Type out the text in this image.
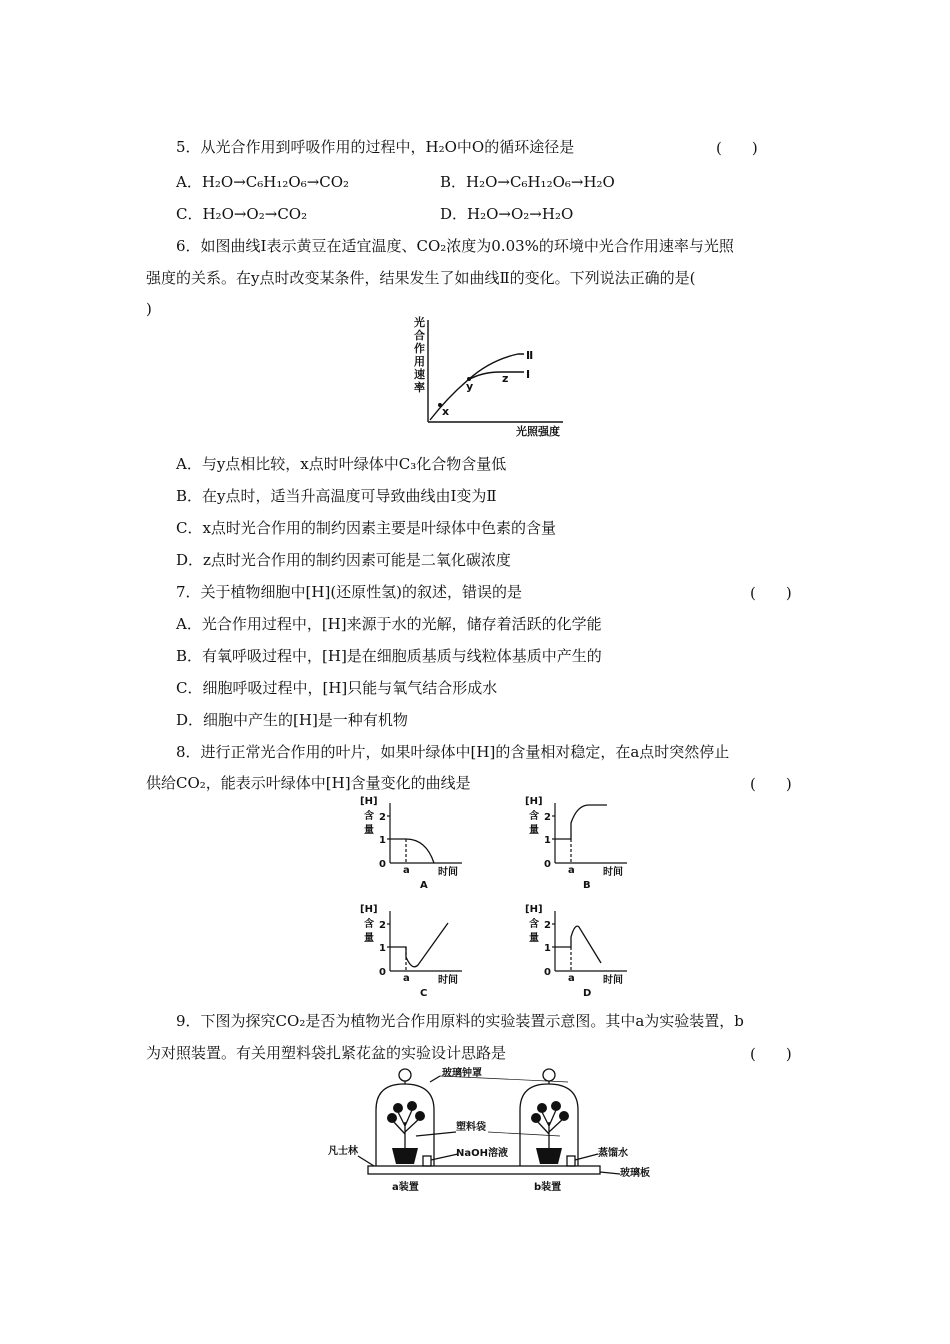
5．从光合作用到呼吸作用的过程中，H₂O中O的循环途径是	(　　)
A．H₂O→C₆H₁₂O₆→CO₂	B．H₂O→C₆H₁₂O₆→H₂O
C．H₂O→O₂→CO₂	D．H₂O→O₂→H₂O
6．如图曲线Ⅰ表示黄豆在适宜温度、CO₂浓度为0.03%的环境中光合作用速率与光照
强度的关系。在y点时改变某条件，结果发生了如曲线Ⅱ的变化。下列说法正确的是(
)
光
合
作
用
速
率
光照强度
Ⅱ
Ⅰ
x
y
z
A．与y点相比较，x点时叶绿体中C₃化合物含量低
B．在y点时，适当升高温度可导致曲线由Ⅰ变为Ⅱ
C．x点时光合作用的制约因素主要是叶绿体中色素的含量
D．z点时光合作用的制约因素可能是二氧化碳浓度
7．关于植物细胞中[H](还原性氢)的叙述，错误的是	(　　)
A．光合作用过程中，[H]来源于水的光解，储存着活跃的化学能
B．有氧呼吸过程中，[H]是在细胞质基质与线粒体基质中产生的
C．细胞呼吸过程中，[H]只能与氧气结合形成水
D．细胞中产生的[H]是一种有机物
8．进行正常光合作用的叶片，如果叶绿体中[H]的含量相对稳定，在a点时突然停止
供给CO₂，能表示叶绿体中[H]含量变化的曲线是	(　　)
[H]
含
量
2
1
0
a	时间
A
[H]
含
量
2
1
0
a	时间
B
[H]
含
量
2
1
0
a	时间
C
[H]
含
量
2
1
0
a	时间
D
9．下图为探究CO₂是否为植物光合作用原料的实验装置示意图。其中a为实验装置，b
为对照装置。有关用塑料袋扎紧花盆的实验设计思路是	(　　)
玻璃钟罩
塑料袋
NaOH溶液
凡士林	蒸馏水
玻璃板
a装置	b装置
